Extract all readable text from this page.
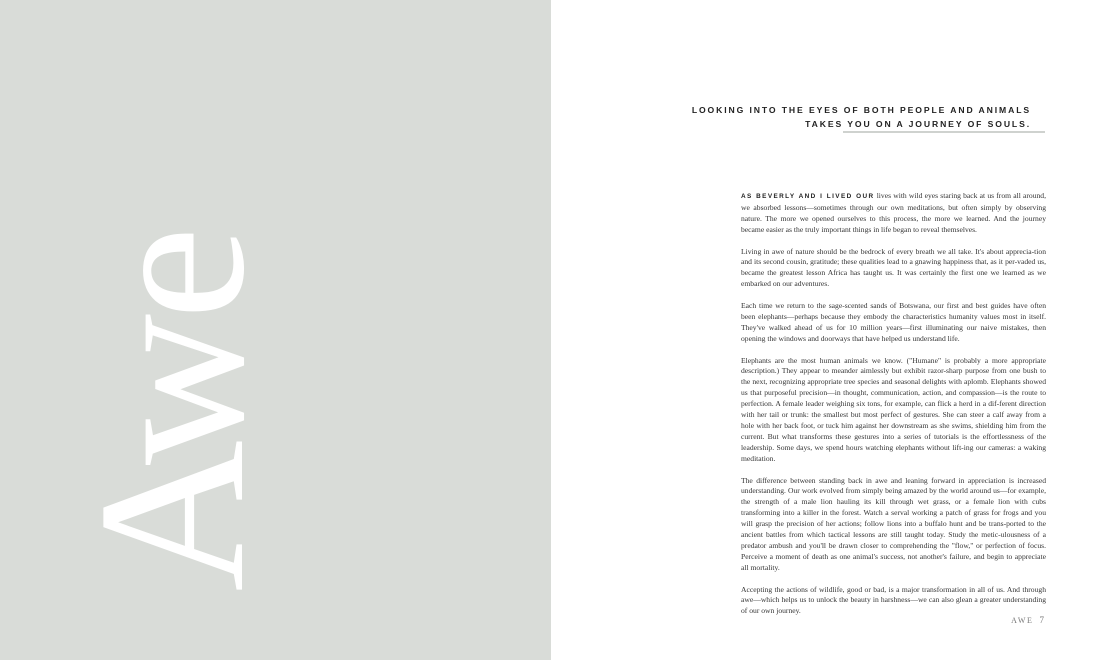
Awe
LOOKING INTO THE EYES OF BOTH PEOPLE AND ANIMALS
TAKES YOU ON A JOURNEY OF SOULS.

AS BEVERLY AND I LIVED OUR lives with wild eyes staring back at us from all around, we absorbed lessons—sometimes through our own meditations, but often simply by observing nature. The more we opened ourselves to this process, the more we learned. And the journey became easier as the truly important things in life began to reveal themselves.

Living in awe of nature should be the bedrock of every breath we all take. It's about apprecia-tion and its second cousin, gratitude; these qualities lead to a gnawing happiness that, as it per-vaded us, became the greatest lesson Africa has taught us. It was certainly the first one we learned as we embarked on our adventures.

Each time we return to the sage-scented sands of Botswana, our first and best guides have often been elephants—perhaps because they embody the characteristics humanity values most in itself. They've walked ahead of us for 10 million years—first illuminating our naive mistakes, then opening the windows and doorways that have helped us understand life.

Elephants are the most human animals we know. ("Humane" is probably a more appropriate description.) They appear to meander aimlessly but exhibit razor-sharp purpose from one bush to the next, recognizing appropriate tree species and seasonal delights with aplomb. Elephants showed us that purposeful precision—in thought, communication, action, and compassion—is the route to perfection. A female leader weighing six tons, for example, can flick a herd in a dif-ferent direction with her tail or trunk: the smallest but most perfect of gestures. She can steer a calf away from a hole with her back foot, or tuck him against her downstream as she swims, shielding him from the current. But what transforms these gestures into a series of tutorials is the effortlessness of the leadership. Some days, we spend hours watching elephants without lift-ing our cameras: a waking meditation.

The difference between standing back in awe and leaning forward in appreciation is increased understanding. Our work evolved from simply being amazed by the world around us—for example, the strength of a male lion hauling its kill through wet grass, or a female lion with cubs transforming into a killer in the forest. Watch a serval working a patch of grass for frogs and you will grasp the precision of her actions; follow lions into a buffalo hunt and be trans-ported to the ancient battles from which tactical lessons are still taught today. Study the metic-ulousness of a predator ambush and you'll be drawn closer to comprehending the "flow," or perfection of focus. Perceive a moment of death as one animal's success, not another's failure, and begin to appreciate all mortality.

Accepting the actions of wildlife, good or bad, is a major transformation in all of us. And through awe—which helps us to unlock the beauty in harshness—we can also glean a greater understanding of our own journey.

AWE 7
